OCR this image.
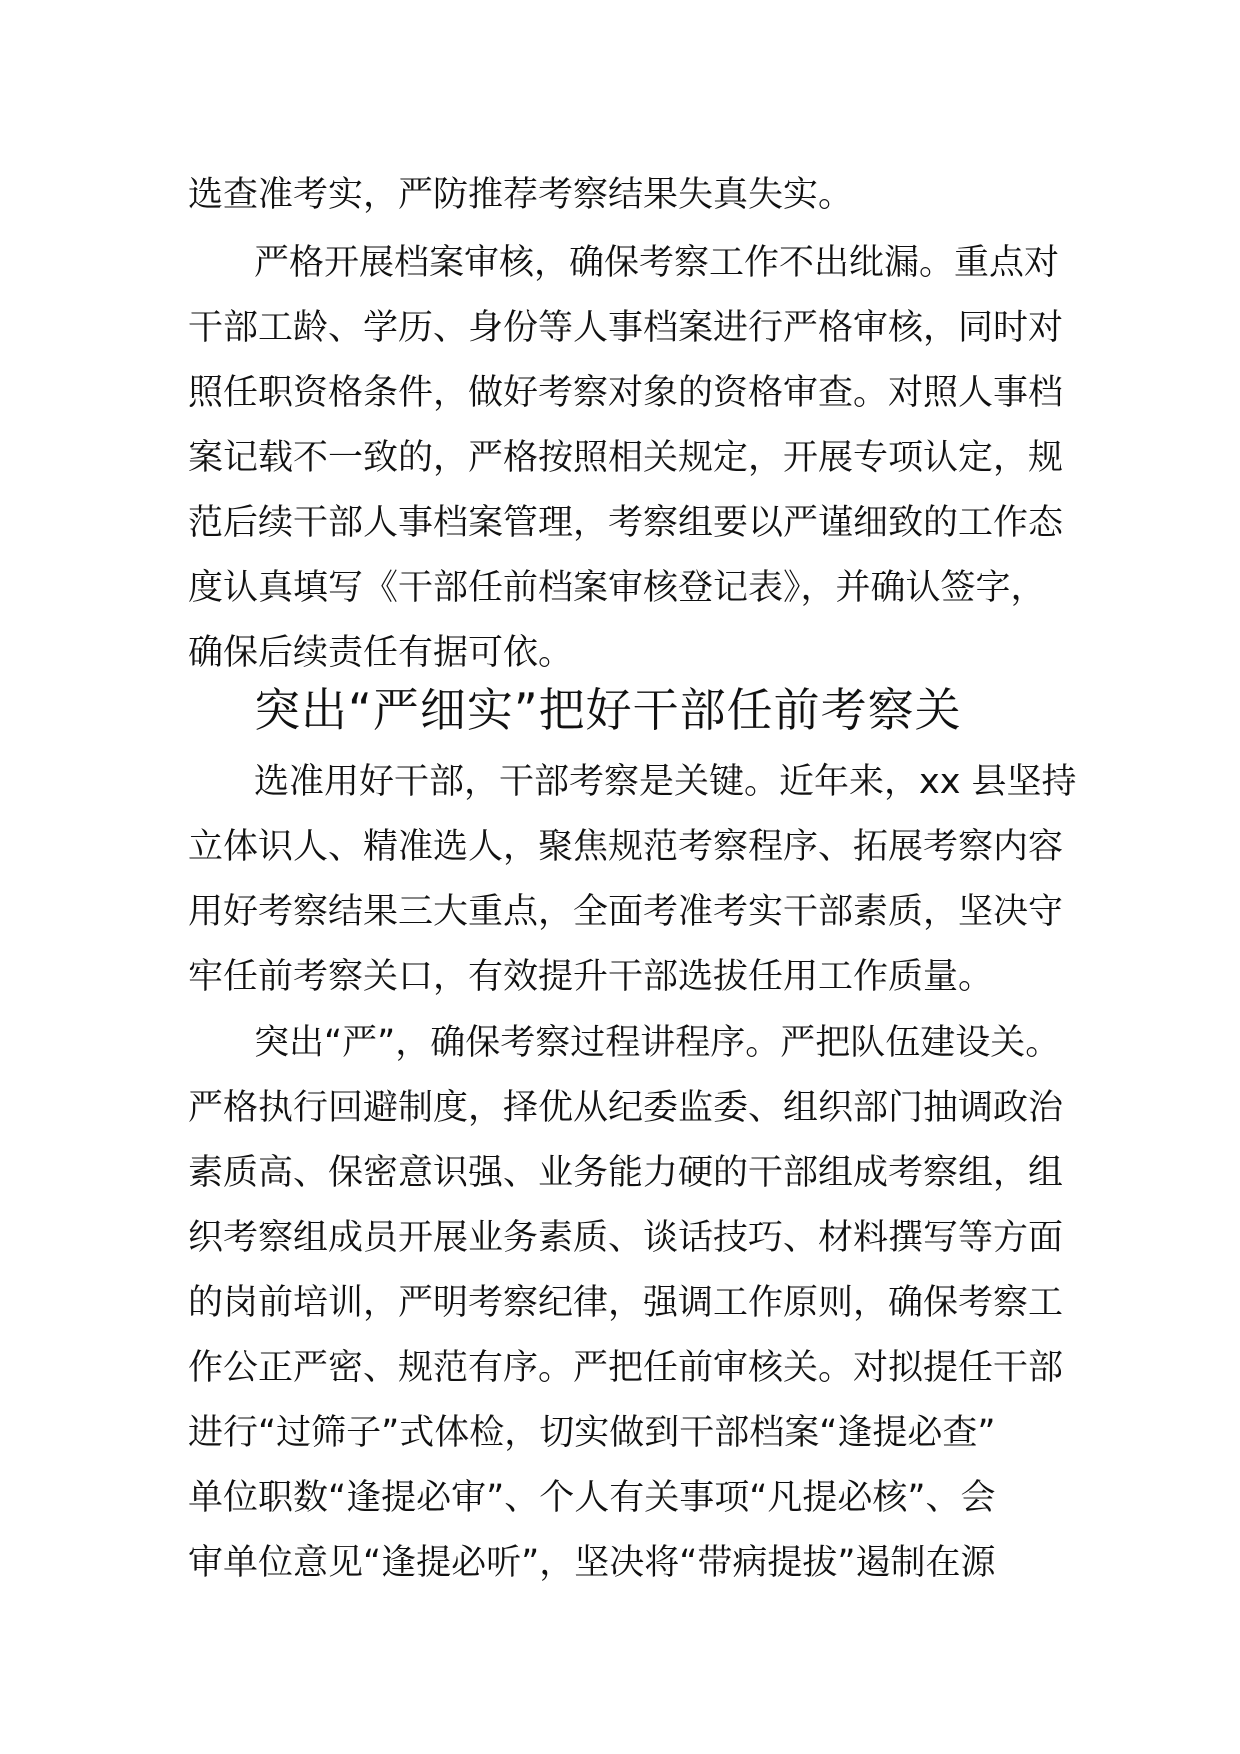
选查准考实，严防推荐考察结果失真失实。
严格开展档案审核，确保考察工作不出纰漏。重点对
干部工龄、学历、身份等人事档案进行严格审核，同时对
照任职资格条件，做好考察对象的资格审查。对照人事档
案记载不一致的，严格按照相关规定，开展专项认定，规
范后续干部人事档案管理，考察组要以严谨细致的工作态
度认真填写《干部任前档案审核登记表》，并确认签字，
确保后续责任有据可依。
突出“严细实”把好干部任前考察关
选准用好干部，干部考察是关键。近年来，xx 县坚持
立体识人、精准选人，聚焦规范考察程序、拓展考察内容
用好考察结果三大重点，全面考准考实干部素质，坚决守
牢任前考察关口，有效提升干部选拔任用工作质量。
突出“严”，确保考察过程讲程序。严把队伍建设关。
严格执行回避制度，择优从纪委监委、组织部门抽调政治
素质高、保密意识强、业务能力硬的干部组成考察组，组
织考察组成员开展业务素质、谈话技巧、材料撰写等方面
的岗前培训，严明考察纪律，强调工作原则，确保考察工
作公正严密、规范有序。严把任前审核关。对拟提任干部
进行“过筛子”式体检，切实做到干部档案“逢提必查”
单位职数“逢提必审”、个人有关事项“凡提必核”、会
审单位意见“逢提必听”，坚决将“带病提拔”遏制在源
